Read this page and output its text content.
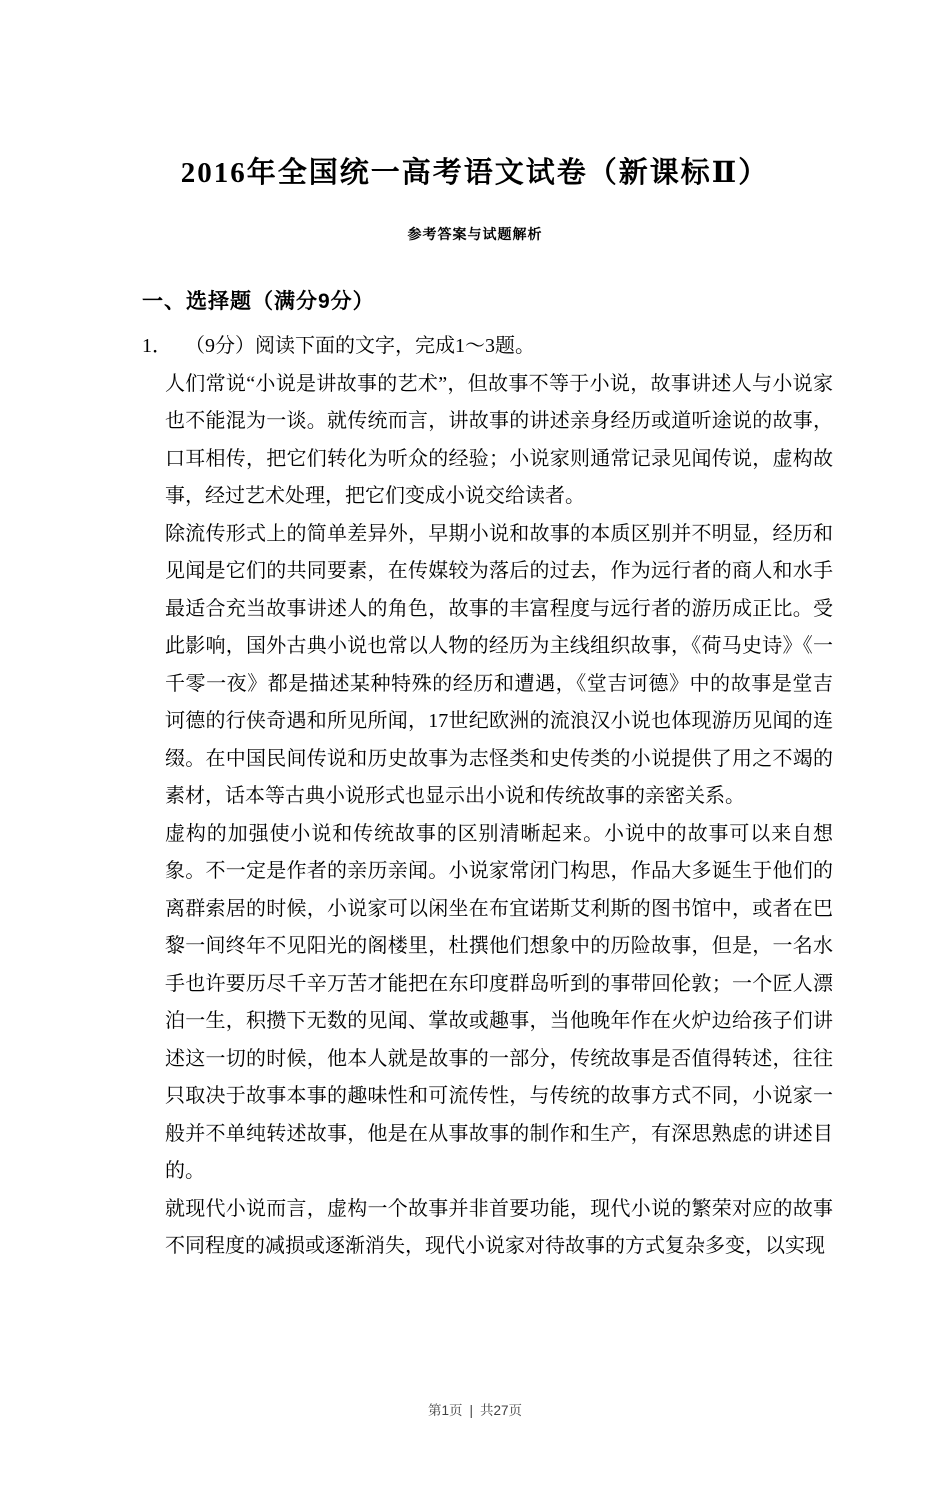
2016年全国统一高考语文试卷（新课标Ⅱ）
参考答案与试题解析
一、选择题（满分9分）
1． （9分）阅读下面的文字，完成1～3题。

人们常说“小说是讲故事的艺术”，但故事不等于小说，故事讲述人与小说家也不能混为一谈。就传统而言，讲故事的讲述亲身经历或道听途说的故事，口耳相传，把它们转化为听众的经验；小说家则通常记录见闻传说，虚构故事，经过艺术处理，把它们变成小说交给读者。

除流传形式上的简单差异外，早期小说和故事的本质区别并不明显，经历和见闻是它们的共同要素，在传媒较为落后的过去，作为远行者的商人和水手最适合充当故事讲述人的角色，故事的丰富程度与远行者的游历成正比。受此影响，国外古典小说也常以人物的经历为主线组织故事，《荷马史诗》《一千零一夜》都是描述某种特殊的经历和遭遇，《堂吉诃德》中的故事是堂吉诃德的行侠奇遇和所见所闻，17世纪欧洲的流浪汉小说也体现游历见闻的连缀。在中国民间传说和历史故事为志怪类和史传类的小说提供了用之不竭的素材，话本等古典小说形式也显示出小说和传统故事的亲密关系。

虚构的加强使小说和传统故事的区别清晰起来。小说中的故事可以来自想象。不一定是作者的亲历亲闻。小说家常闭门构思，作品大多诞生于他们的离群索居的时候，小说家可以闲坐在布宜诺斯艾利斯的图书馆中，或者在巴黎一间终年不见阳光的阁楼里，杜撰他们想象中的历险故事，但是，一名水手也许要历尽千辛万苦才能把在东印度群岛听到的事带回伦敦；一个匠人漂泊一生，积攒下无数的见闻、掌故或趣事，当他晚年作在火炉边给孩子们讲述这一切的时候，他本人就是故事的一部分，传统故事是否值得转述，往往只取决于故事本事的趣味性和可流传性，与传统的故事方式不同，小说家一般并不单纯转述故事，他是在从事故事的制作和生产，有深思熟虑的讲述目的。

就现代小说而言，虚构一个故事并非首要功能，现代小说的繁荣对应的故事不同程度的减损或逐渐消失，现代小说家对待故事的方式复杂多变，以实现

第1页 | 共27页
